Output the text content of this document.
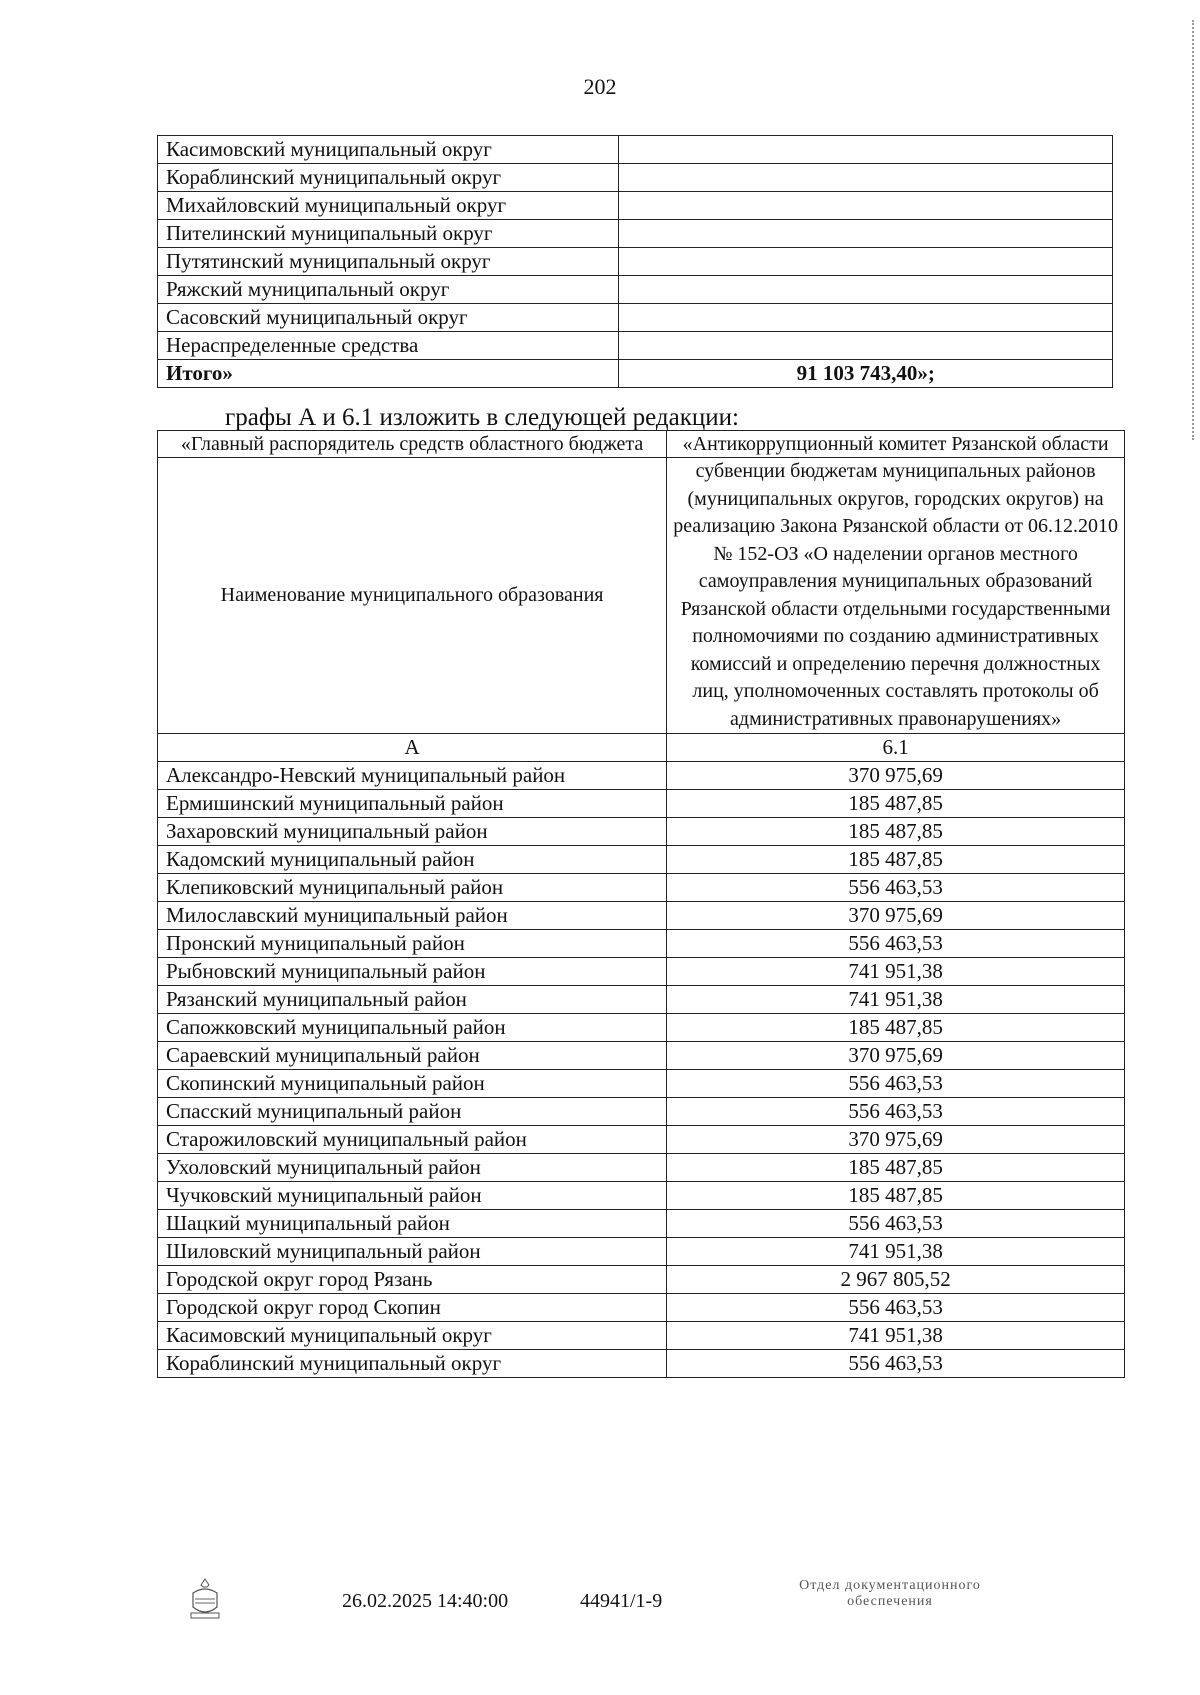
202
Касимовский муниципальный округ	
Кораблинский муниципальный округ	
Михайловский муниципальный округ	
Пителинский муниципальный округ	
Путятинский муниципальный округ	
Ряжский муниципальный округ	
Сасовский муниципальный округ	
Нераспределенные средства	
Итого»	91 103 743,40»;
графы А и 6.1 изложить в следующей редакции:
«Главный распорядитель средств областного бюджета	«Антикоррупционный комитет Рязанской области
Наименование муниципального образования	субвенции бюджетам муниципальных районов (муниципальных округов, городских округов) на реализацию Закона Рязанской области от 06.12.2010 № 152-ОЗ «О наделении органов местного самоуправления муниципальных образований Рязанской области отдельными государственными полномочиями по созданию административных комиссий и определению перечня должностных лиц, уполномоченных составлять протоколы об административных правонарушениях»
А	6.1
Александро-Невский муниципальный район	370 975,69
Ермишинский муниципальный район	185 487,85
Захаровский муниципальный район	185 487,85
Кадомский муниципальный район	185 487,85
Клепиковский муниципальный район	556 463,53
Милославский муниципальный район	370 975,69
Пронский муниципальный район	556 463,53
Рыбновский муниципальный район	741 951,38
Рязанский муниципальный район	741 951,38
Сапожковский муниципальный район	185 487,85
Сараевский муниципальный район	370 975,69
Скопинский муниципальный район	556 463,53
Спасский муниципальный район	556 463,53
Старожиловский муниципальный район	370 975,69
Ухоловский муниципальный район	185 487,85
Чучковский муниципальный район	185 487,85
Шацкий муниципальный район	556 463,53
Шиловский муниципальный район	741 951,38
Городской округ город Рязань	2 967 805,52
Городской округ город Скопин	556 463,53
Касимовский муниципальный округ	741 951,38
Кораблинский муниципальный округ	556 463,53
26.02.2025 14:40:00	44941/1-9
Отдел документационного
обеспечения
